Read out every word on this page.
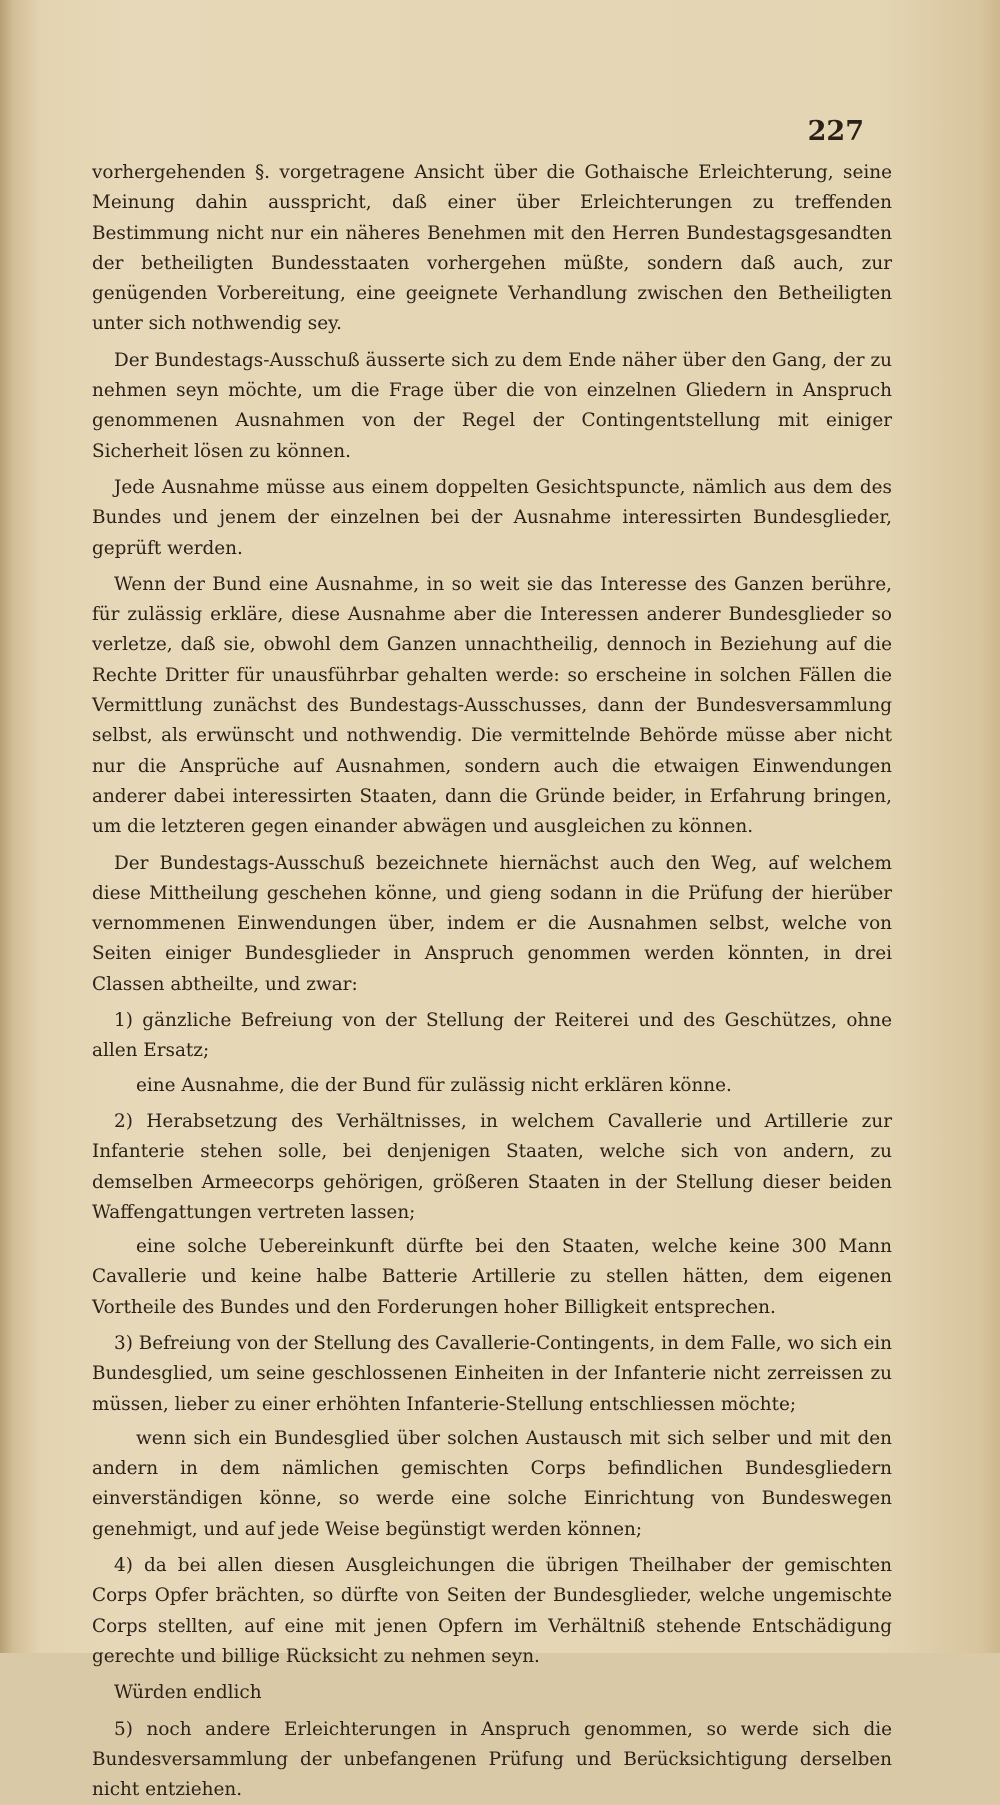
227

vorhergehenden §. vorgetragene Ansicht über die Gothaische Erleichterung, seine Meinung dahin ausspricht, daß einer über Erleichterungen zu treffenden Bestimmung nicht nur ein näheres Benehmen mit den Herren Bundestagsgesandten der betheiligten Bundesstaaten vorhergehen müßte, sondern daß auch, zur genügenden Vorbereitung, eine geeignete Verhandlung zwischen den Betheiligten unter sich nothwendig sey.

Der Bundestags-Ausschuß äusserte sich zu dem Ende näher über den Gang, der zu nehmen seyn möchte, um die Frage über die von einzelnen Gliedern in Anspruch genommenen Ausnahmen von der Regel der Contingentstellung mit einiger Sicherheit lösen zu können.

Jede Ausnahme müsse aus einem doppelten Gesichtspuncte, nämlich aus dem des Bundes und jenem der einzelnen bei der Ausnahme interessirten Bundesglieder, geprüft werden.

Wenn der Bund eine Ausnahme, in so weit sie das Interesse des Ganzen berühre, für zulässig erkläre, diese Ausnahme aber die Interessen anderer Bundesglieder so verletze, daß sie, obwohl dem Ganzen unnachtheilig, dennoch in Beziehung auf die Rechte Dritter für unausführbar gehalten werde: so erscheine in solchen Fällen die Vermittlung zunächst des Bundestags-Ausschusses, dann der Bundesversammlung selbst, als erwünscht und nothwendig. Die vermittelnde Behörde müsse aber nicht nur die Ansprüche auf Ausnahmen, sondern auch die etwaigen Einwendungen anderer dabei interessirten Staaten, dann die Gründe beider, in Erfahrung bringen, um die letzteren gegen einander abwägen und ausgleichen zu können.

Der Bundestags-Ausschuß bezeichnete hiernächst auch den Weg, auf welchem diese Mittheilung geschehen könne, und gieng sodann in die Prüfung der hierüber vernommenen Einwendungen über, indem er die Ausnahmen selbst, welche von Seiten einiger Bundesglieder in Anspruch genommen werden könnten, in drei Classen abtheilte, und zwar:

1) gänzliche Befreiung von der Stellung der Reiterei und des Geschützes, ohne allen Ersatz;

eine Ausnahme, die der Bund für zulässig nicht erklären könne.

2) Herabsetzung des Verhältnisses, in welchem Cavallerie und Artillerie zur Infanterie stehen solle, bei denjenigen Staaten, welche sich von andern, zu demselben Armeecorps gehörigen, größeren Staaten in der Stellung dieser beiden Waffengattungen vertreten lassen;

eine solche Uebereinkunft dürfte bei den Staaten, welche keine 300 Mann Cavallerie und keine halbe Batterie Artillerie zu stellen hätten, dem eigenen Vortheile des Bundes und den Forderungen hoher Billigkeit entsprechen.

3) Befreiung von der Stellung des Cavallerie-Contingents, in dem Falle, wo sich ein Bundesglied, um seine geschlossenen Einheiten in der Infanterie nicht zerreissen zu müssen, lieber zu einer erhöhten Infanterie-Stellung entschliessen möchte;

wenn sich ein Bundesglied über solchen Austausch mit sich selber und mit den andern in dem nämlichen gemischten Corps befindlichen Bundesgliedern einverständigen könne, so werde eine solche Einrichtung von Bundeswegen genehmigt, und auf jede Weise begünstigt werden können;

4) da bei allen diesen Ausgleichungen die übrigen Theilhaber der gemischten Corps Opfer brächten, so dürfte von Seiten der Bundesglieder, welche ungemischte Corps stellten, auf eine mit jenen Opfern im Verhältniß stehende Entschädigung gerechte und billige Rücksicht zu nehmen seyn.

Würden endlich

5) noch andere Erleichterungen in Anspruch genommen, so werde sich die Bundesversammlung der unbefangenen Prüfung und Berücksichtigung derselben nicht entziehen.
